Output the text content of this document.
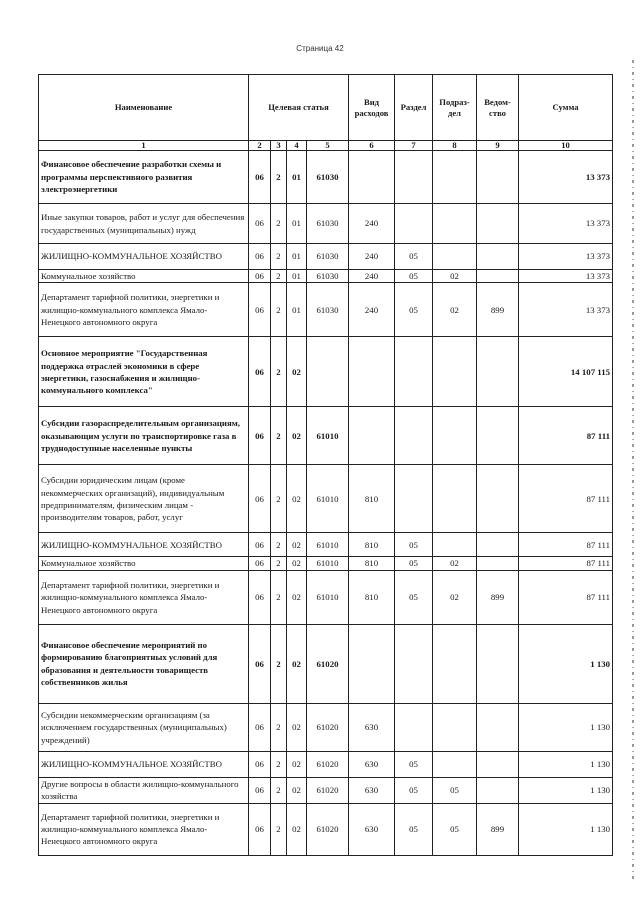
Страница 42
Наименование	Целевая статья				Вид расходов	Раздел	Подраз-дел	Ведом-ство	Сумма
1	2	3	4	5	6	7	8	9	10
Финансовое обеспечение разработки схемы и программы перспективного развития электроэнергетики	06	2	01	61030					13 373
Иные закупки товаров, работ и услуг для обеспечения государственных (муниципальных) нужд	06	2	01	61030	240				13 373
ЖИЛИЩНО-КОММУНАЛЬНОЕ ХОЗЯЙСТВО	06	2	01	61030	240	05			13 373
Коммунальное хозяйство	06	2	01	61030	240	05	02		13 373
Департамент тарифной политики, энергетики и жилищно-коммунального комплекса Ямало-Ненецкого автономного округа	06	2	01	61030	240	05	02	899	13 373
Основное мероприятие "Государственная поддержка отраслей экономики в сфере энергетики, газоснабжения и жилищно-коммунального комплекса"	06	2	02						14 107 115
Субсидии газораспределительным организациям, оказывающим услуги по транспортировке газа в труднодоступные населенные пункты	06	2	02	61010					87 111
Субсидии юридическим лицам (кроме некоммерческих организаций), индивидуальным предпринимателям, физическим лицам - производителям товаров, работ, услуг	06	2	02	61010	810				87 111
ЖИЛИЩНО-КОММУНАЛЬНОЕ ХОЗЯЙСТВО	06	2	02	61010	810	05			87 111
Коммунальное хозяйство	06	2	02	61010	810	05	02		87 111
Департамент тарифной политики, энергетики и жилищно-коммунального комплекса Ямало-Ненецкого автономного округа	06	2	02	61010	810	05	02	899	87 111
Финансовое обеспечение мероприятий по формированию благоприятных условий для образования и деятельности товариществ собственников жилья	06	2	02	61020					1 130
Субсидии некоммерческим организациям (за исключением государственных (муниципальных) учреждений)	06	2	02	61020	630				1 130
ЖИЛИЩНО-КОММУНАЛЬНОЕ ХОЗЯЙСТВО	06	2	02	61020	630	05			1 130
Другие вопросы в области жилищно-коммунального хозяйства	06	2	02	61020	630	05	05		1 130
Департамент тарифной политики, энергетики и жилищно-коммунального комплекса Ямало-Ненецкого автономного округа	06	2	02	61020	630	05	05	899	1 130
